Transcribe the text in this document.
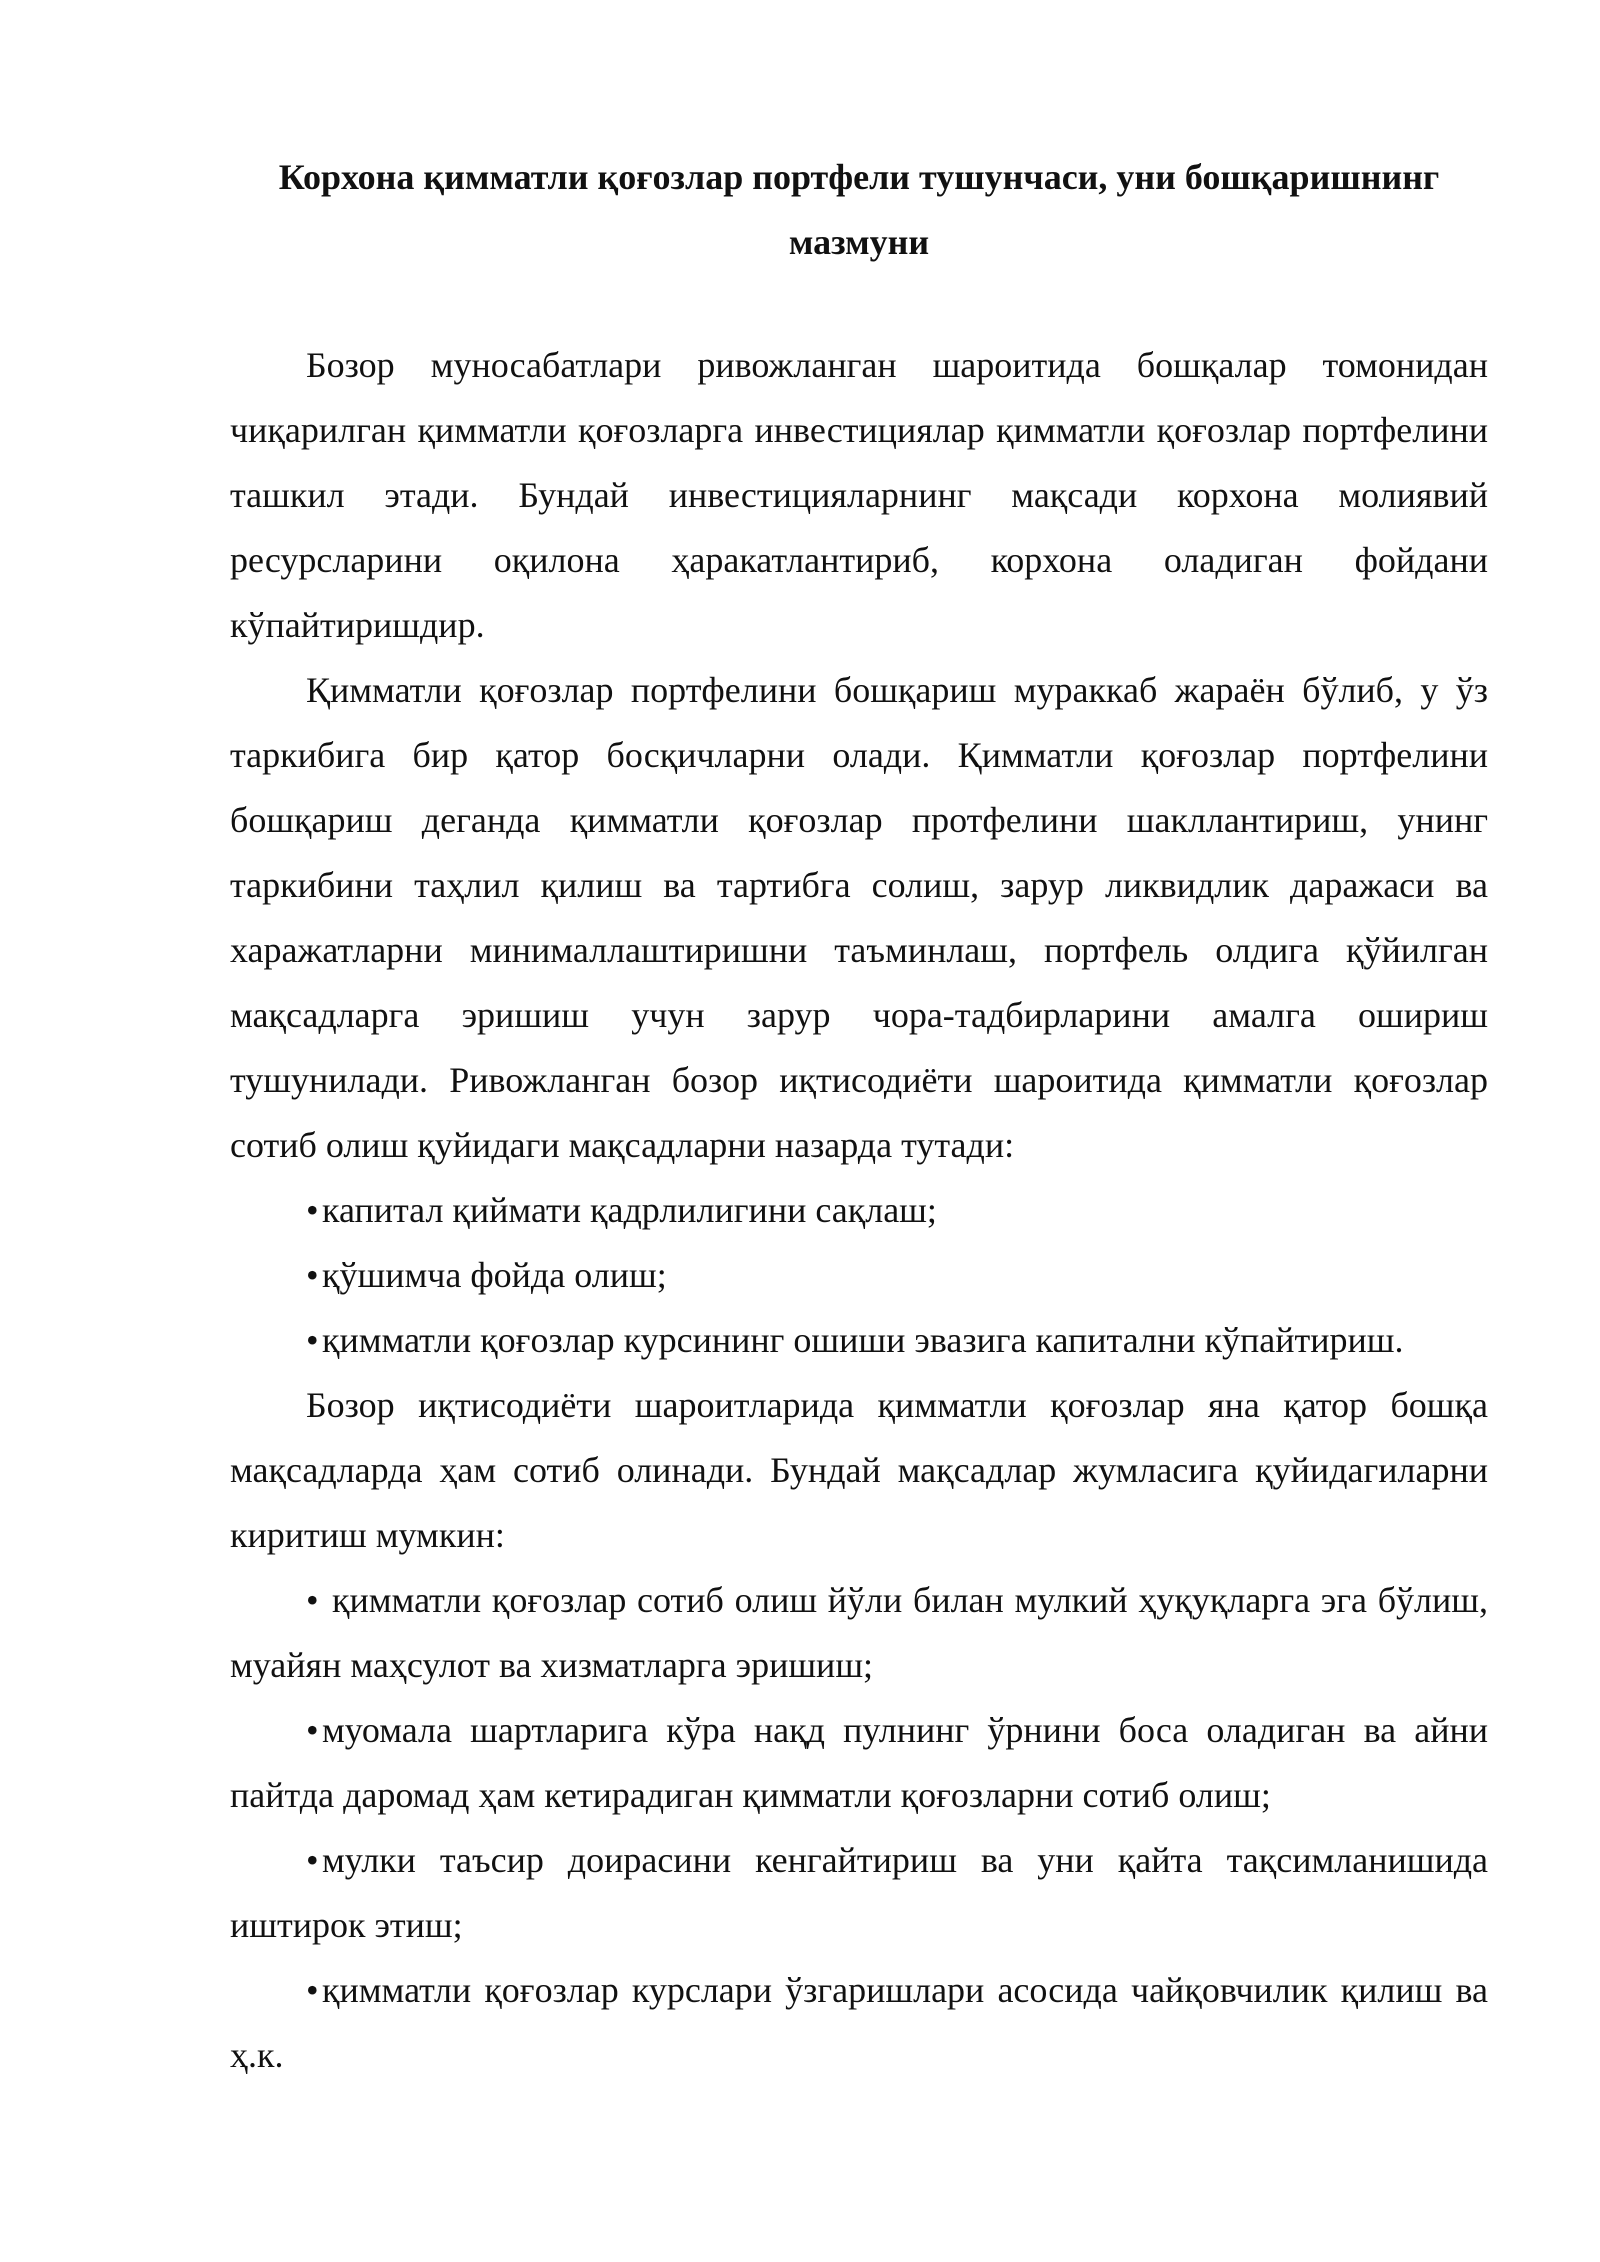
Корхона қимматли қоғозлар портфели тушунчаси, уни бошқаришнинг
мазмуни

Бозор муносабатлари ривожланган шароитида бошқалар томонидан чиқарилган қимматли қоғозларга инвестициялар қимматли қоғозлар портфелини ташкил этади. Бундай инвестицияларнинг мақсади корхона молиявий ресурсларини оқилона ҳаракатлантириб, корхона оладиган фойдани кўпайтиришдир.

Қимматли қоғозлар портфелини бошқариш мураккаб жараён бўлиб, у ўз таркибига бир қатор босқичларни олади. Қимматли қоғозлар портфелини бошқариш деганда қимматли қоғозлар протфелини шакллантириш, унинг таркибини таҳлил қилиш ва тартибга солиш, зарур ликвидлик даражаси ва харажатларни минималлаштиришни таъминлаш, портфель олдига қўйилган мақсадларга эришиш учун зарур чора-тадбирларини амалга ошириш тушунилади. Ривожланган бозор иқтисодиёти шароитида қимматли қоғозлар сотиб олиш қуйидаги мақсадларни назарда тутади:

•капитал қиймати қадрлилигини сақлаш;

•қўшимча фойда олиш;

•қимматли қоғозлар курсининг ошиши эвазига капитални кўпайтириш.

Бозор иқтисодиёти шароитларида қимматли қоғозлар яна қатор бошқа мақсадларда ҳам сотиб олинади. Бундай мақсадлар жумласига қуйидагиларни киритиш мумкин:

• қимматли қоғозлар сотиб олиш йўли билан мулкий ҳуқуқларга эга бўлиш, муайян маҳсулот ва хизматларга эришиш;

•муомала шартларига кўра нақд пулнинг ўрнини боса оладиган ва айни пайтда даромад ҳам кетирадиган қимматли қоғозларни сотиб олиш;

•мулки таъсир доирасини кенгайтириш ва уни қайта тақсимланишида иштирок этиш;

•қимматли қоғозлар курслари ўзгаришлари асосида чайқовчилик қилиш ва ҳ.к.
